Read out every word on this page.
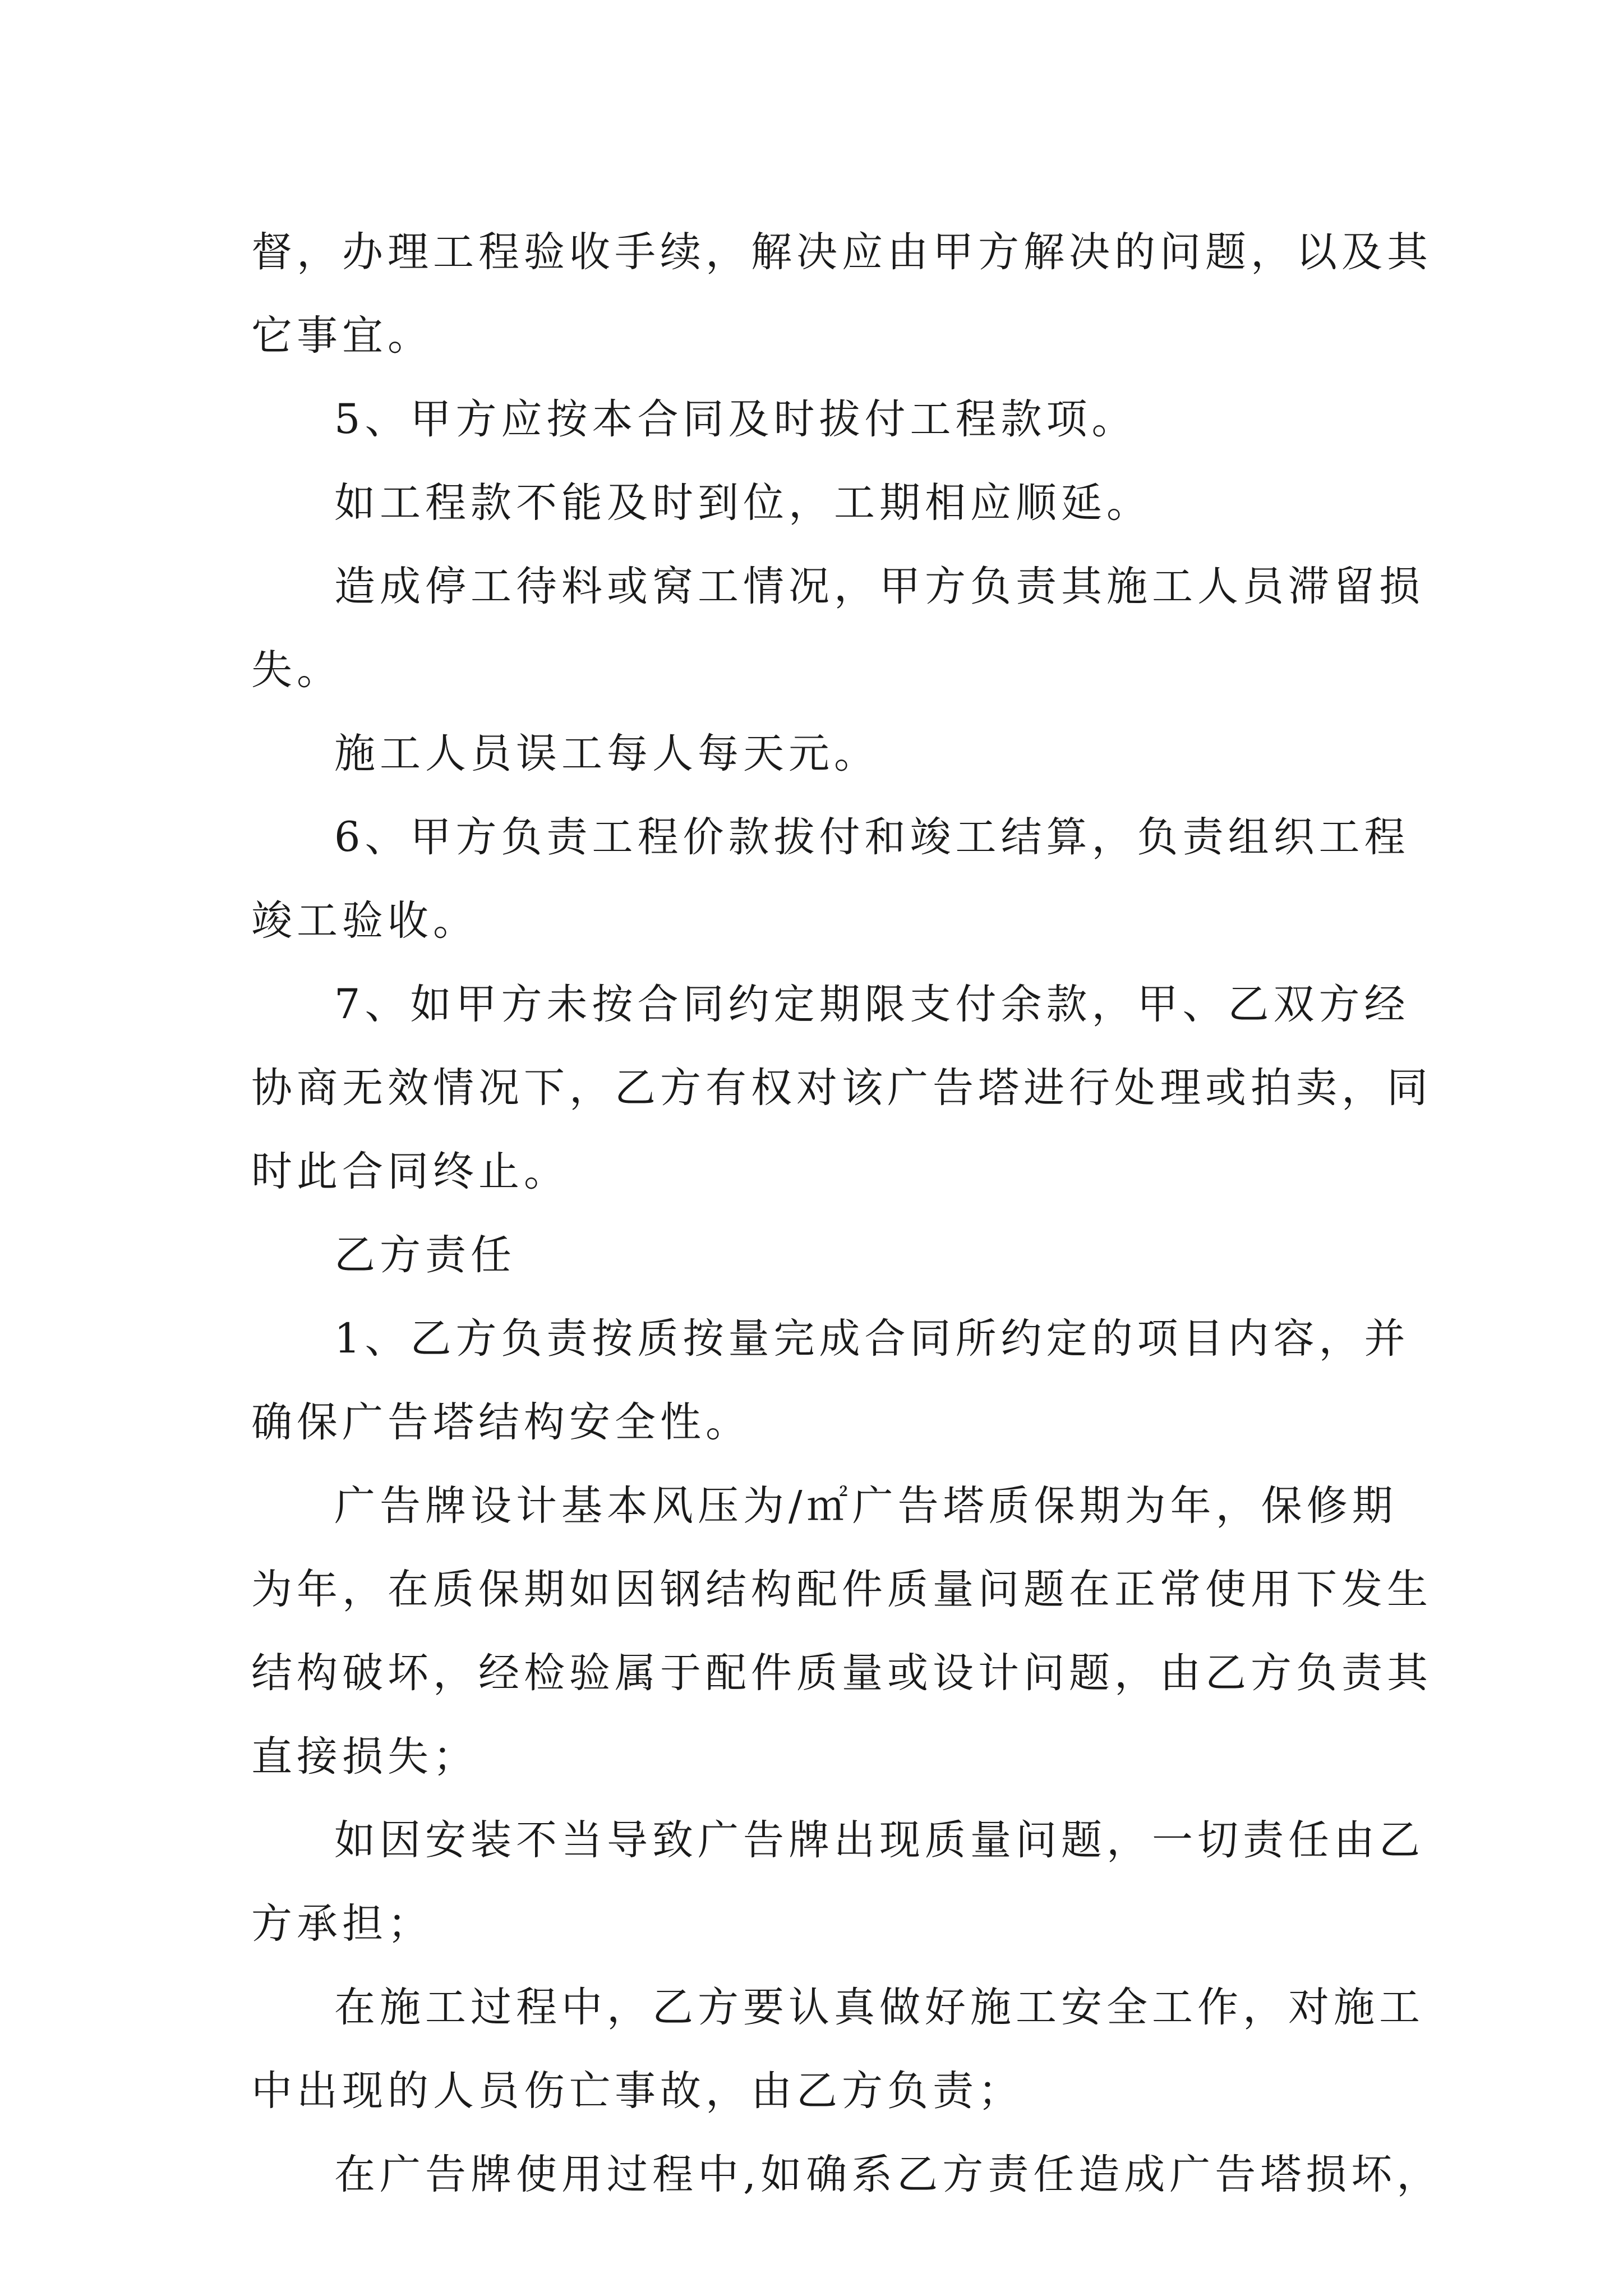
督，办理工程验收手续，解决应由甲方解决的问题，以及其
它事宜。
5、甲方应按本合同及时拔付工程款项。
如工程款不能及时到位，工期相应顺延。
造成停工待料或窝工情况，甲方负责其施工人员滞留损
失。
施工人员误工每人每天元。
6、甲方负责工程价款拔付和竣工结算，负责组织工程
竣工验收。
7、如甲方未按合同约定期限支付余款，甲、乙双方经
协商无效情况下，乙方有权对该广告塔进行处理或拍卖，同
时此合同终止。
乙方责任
1、乙方负责按质按量完成合同所约定的项目内容，并
确保广告塔结构安全性。
广告牌设计基本风压为/㎡广告塔质保期为年，保修期
为年，在质保期如因钢结构配件质量问题在正常使用下发生
结构破坏，经检验属于配件质量或设计问题，由乙方负责其
直接损失；
如因安装不当导致广告牌出现质量问题，一切责任由乙
方承担；
在施工过程中，乙方要认真做好施工安全工作，对施工
中出现的人员伤亡事故，由乙方负责；
在广告牌使用过程中,如确系乙方责任造成广告塔损坏，
